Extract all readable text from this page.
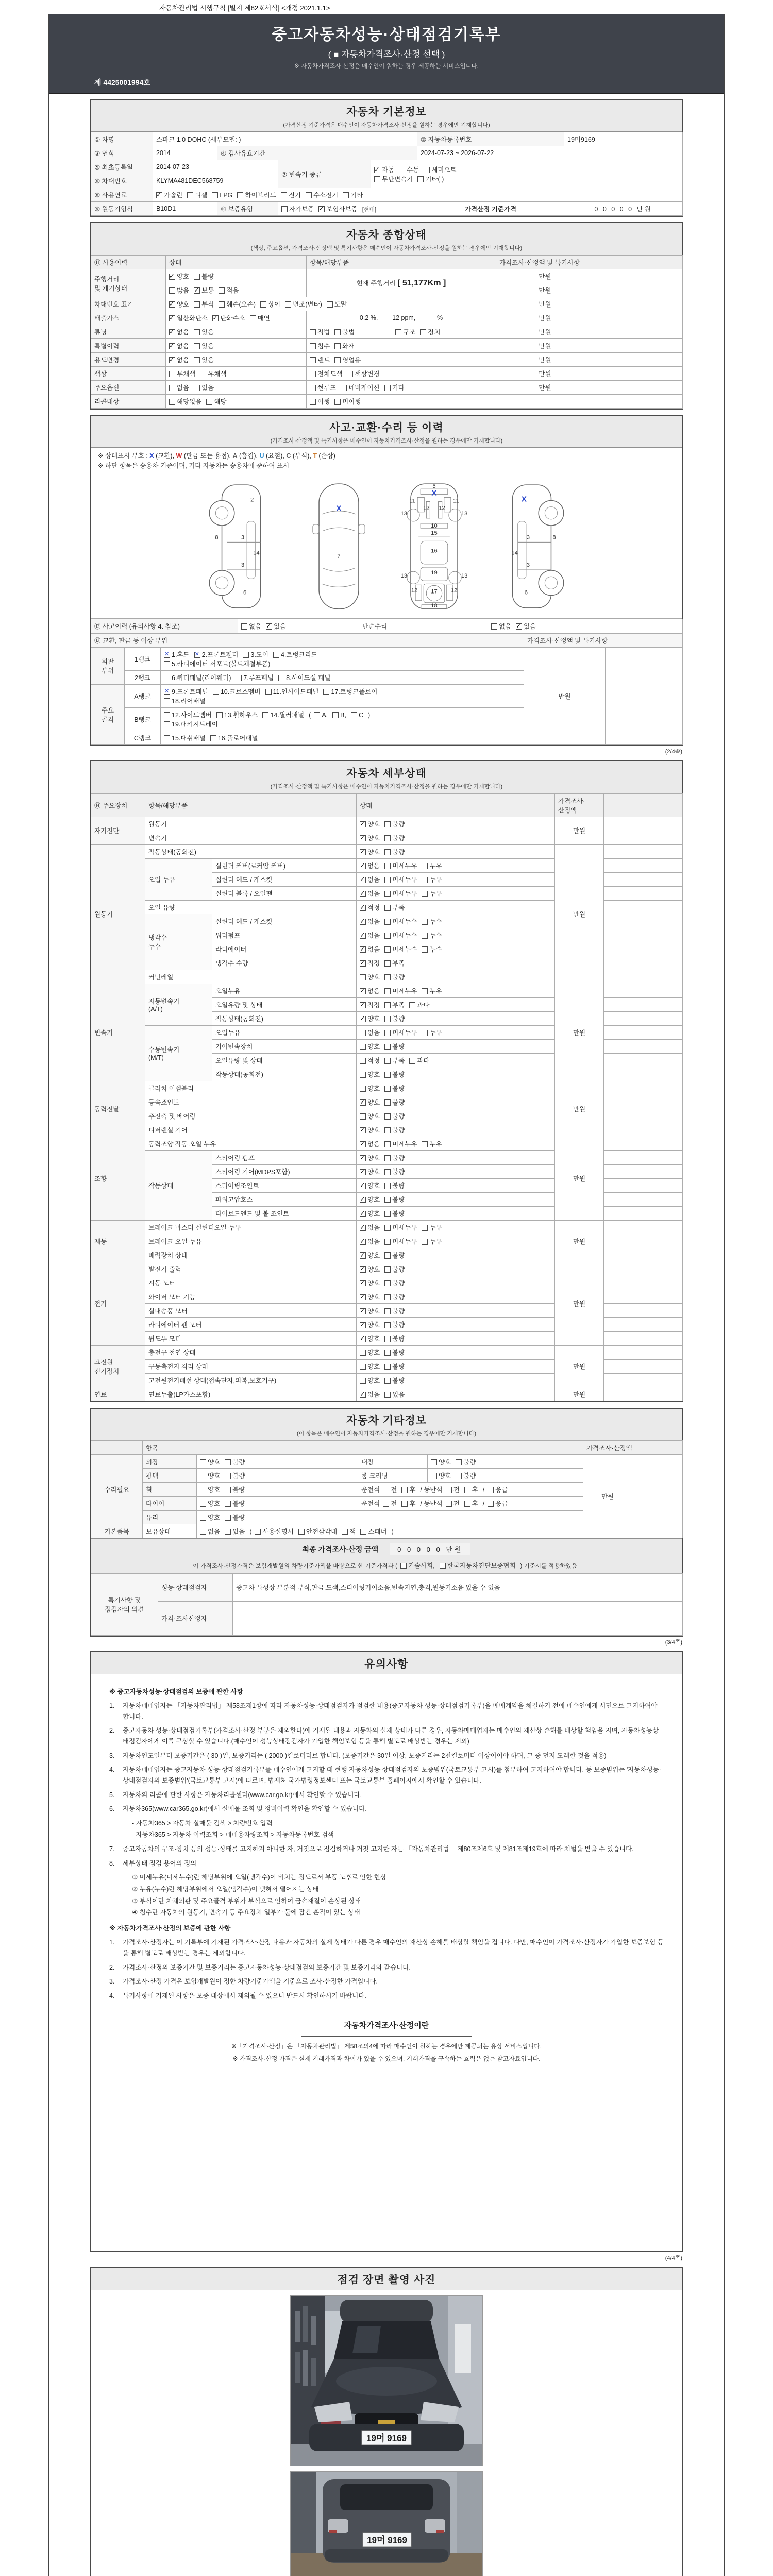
자동차관리법 시행규칙 [별지 제82호서식] <개정 2021.1.1>
중고자동차성능·상태점검기록부
( ■ 자동차가격조사·산정 선택 )
※ 자동차가격조사·산정은 매수인이 원하는 경우 제공하는 서비스입니다.
제 4425001994호
자동차 기본정보
(가격산정 기준가격은 매수인이 자동차가격조사·산정을 원하는 경우에만 기재합니다)
① 차명	스파크 1.0 DOHC (세부모델: )				② 자동차등록번호	19머9169
③ 연식	2014	④ 검사유효기간			2024-07-23 ~ 2026-07-22	
⑤ 최초등록일	2014-07-23		⑦ 변속기 종류	✓자동 수동 세미오토
무단변속기 기타( )
⑥ 차대번호	KLYMA481DEC568759					
⑧ 사용연료	✓가솔린 디젤 LPG 하이브리드 전기 수소전기 기타
⑨ 원동기형식	B10D1	⑩ 보증유형	자가보증 ✓ 보험사보증 [현대]		가격산정 기준가격	0 0 0 0 0 만원
자동차 종합상태
(색상, 주요옵션, 가격조사·산정액 및 특기사항은 매수인이 자동차가격조사·산정을 원하는 경우에만 기재합니다)
⑪ 사용이력	상태	항목/해당부품	가격조사·산정액 및 특기사항	
주행거리
및 계기상태	✓양호 불량	현재 주행거리 [ 51,177Km ]	만원	
	많음 ✓ 보통 적음		만원	
차대번호 표기	✓양호 부식 훼손(오손) 상이 변조(변타) 도말		만원	
배출가스	✓일산화탄소 ✓ 탄화수소 매연	0.2 %,        12 ppm,            %	만원	
튜닝	✓없음 있음	적법 불법 구조 장치	만원	
특별이력	✓없음 있음	침수 화재	만원	
용도변경	✓없음 있음	렌트 영업용	만원	
색상	무채색 유채색	전체도색 색상변경	만원	
주요옵션	없음 있음	썬루프 네비게이션 기타	만원	
리콜대상	해당없음 해당	이행 미이행		
사고·교환·수리 등 이력
(가격조사·산정액 및 특기사항은 매수인이 자동차가격조사·산정을 원하는 경우에만 기재합니다)
※ 상태표시 부호 : X (교환), W (판금 또는 용접), A (흠집), U (요철), C (부식), T (손상)
※ 하단 항목은 승용차 기준이며, 기타 자동차는 승용차에 준하여 표시
2
8	3
14
3
6
7
X
5
11	11
13	13
12 12
10
15
16
19
13	13
12 17 12
18
X
3	8
14
3
6
X
⑫ 사고이력 (유의사항 4. 참조)	없음 ✓ 있음	단순수리	없음 ✓ 있음
⑬ 교환, 판금 등 이상 부위			가격조사·산정액 및 특기사항	
외판
부위	1랭크	✕1.후드 ✕ 2.프론트휀더 3.도어 4.트렁크리드
5.라디에이터 서포트(볼트체결부품)	만원	
	2랭크	6.쿼터패널(리어휀더) 7.루프패널 8.사이드실 패널		
주요
골격	A랭크	✕9.프론트패널 10.크로스멤버 11.인사이드패널 17.트렁크플로어
18.리어패널
	B랭크	12.사이드멤버 13.휠하우스 14.필러패널 ( A, B, C )
19.패키지트레이		
	C랭크	15.대쉬패널 16.플로어패널		
(2/4쪽)
자동차 세부상태
(가격조사·산정액 및 특기사항은 매수인이 자동차가격조사·산정을 원하는 경우에만 기재합니다)
⑭ 주요장치	항목/해당부품		상태	가격조사·산정액	
자기진단	원동기	✓양호 불량	만원	
	변속기	✓양호 불량	
원동기	작동상태(공회전)	✓양호 불량	만원	
	오일 누유	실린더 커버(로커암 커버)	✓없음 미세누유 누유	
		실린더 헤드 / 개스킷	✓없음 미세누유 누유	
		실린더 블록 / 오일팬	✓없음 미세누유 누유	
	오일 유량	✓적정 부족	
	냉각수
누수	실린더 헤드 / 개스킷	✓없음 미세누수 누수	
		워터펌프	✓없음 미세누수 누수	
		라디에이터	✓없음 미세누수 누수	
		냉각수 수량	✓적정 부족	
	커먼레일		양호 불량		
변속기	자동변속기
(A/T)	오일누유	✓없음 미세누유 누유	만원	
		오일유량 및 상태	✓적정 부족 과다	
		작동상태(공회전)	✓양호 불량	
	수동변속기
(M/T)	오일누유	없음 미세누유 누유		
		기어변속장치	양호 불량		
		오일유량 및 상태	적정 부족 과다		
		작동상태(공회전)	양호 불량		
동력전달	클러치 어셈블리		양호 불량	만원	
	등속죠인트	✓양호 불량	
	추진축 및 베어링		양호 불량		
	디퍼렌셜 기어	✓양호 불량	
조향	동력조향 작동 오일 누유	✓없음 미세누유 누유	만원	
	작동상태	스티어링 펌프	✓양호 불량	
		스티어링 기어(MDPS포함)	✓양호 불량	
		스티어링조인트	✓양호 불량	
		파워고압호스	✓양호 불량	
		타이로드엔드 및 볼 조인트	✓양호 불량	
제동	브레이크 마스터 실린더오일 누유	✓없음 미세누유 누유	만원	
	브레이크 오일 누유	✓없음 미세누유 누유	
	배력장치 상태	✓양호 불량	
전기	발전기 출력	✓양호 불량	만원	
	시동 모터	✓양호 불량	
	와이퍼 모터 기능	✓양호 불량	
	실내송풍 모터	✓양호 불량	
	라디에이터 팬 모터	✓양호 불량	
	윈도우 모터	✓양호 불량	
고전원
전기장치	충전구 절연 상태		양호 불량	만원	
	구동축전지 격리 상태		양호 불량		
	고전원전기배선 상태(접속단자,피복,보호기구)		양호 불량		
연료	연료누출(LP가스포함)	✓없음 있음	만원	
자동차 기타정보
(이 항목은 매수인이 자동차가격조사·산정을 원하는 경우에만 기재합니다)
	항목				가격조사·산정액	
수리필요	외장	양호 불량	내장	양호 불량	만원	
	광택	양호 불량	룸 크리닝	양호 불량		
	휠	양호 불량	운전석 전 후 / 동반석 전 후 / 응급			
	타이어	양호 불량	운전석 전 후 / 동반석 전 후 / 응급			
	유리	양호 불량				
기본품목	보유상태	없음 있음 ( 사용설명서 안전삼각대 잭 스패너 )				
최종 가격조사·산정 금액	0 0 0 0 0 만원
이 가격조사·산정가격은 보험개발원의 차량기준가액을 바탕으로 한 기준가격과 ( 기술사회, 한국자동차진단보증협회 ) 기준서를 적용하였음
특기사항 및
점검자의 의견	성능·상태점검자	중고차 특성상 부분적 부식,판금,도색,스티어링기어소음,변속지연,충격,원동기소음 있을 수 있음
	가격·조사산정자	
(3/4쪽)
유의사항
※ 중고자동차성능·상태점검의 보증에 관한 사항
1.	자동차매매업자는 「자동차관리법」 제58조제1항에 따라 자동차성능·상태점검자가 점검한 내용(중고자동차 성능·상태점검기록부)을 매매계약을 체결하기 전에 매수인에게 서면으로 고지하여야 합니다.
2.	중고자동차 성능·상태점검기록부(가격조사·산정 부분은 제외한다)에 기재된 내용과 자동차의 실제 상태가 다른 경우, 자동차매매업자는 매수인의 재산상 손해를 배상할 책임을 지며, 자동차성능상태점검자에게 이를 구상할 수 있습니다.(매수인이 성능상태점검자가 가입한 책임보험 등을 통해 별도로 배상받는 경우는 제외)
3.	자동차인도일부터 보증기간은 ( 30 )일, 보증거리는 ( 2000 )킬로미터로 합니다. (보증기간은 30일 이상, 보증거리는 2천킬로미터 이상이어야 하며, 그 중 먼저 도래한 것을 적용)
4.	자동차매매업자는 중고자동차 성능·상태점검기록부를 매수인에게 고지할 때 현행 자동차성능·상태점검자의 보증범위(국토교통부 고시)를 첨부하여 고지하여야 합니다. 동 보증범위는 '자동차성능·상태점검자의 보증범위'(국토교통부 고시)에 따르며, 법제처 국가법령정보센터 또는 국토교통부 홈페이지에서 확인할 수 있습니다.
5.	자동차의 리콜에 관한 사항은 자동차리콜센터(www.car.go.kr)에서 확인할 수 있습니다.
6.	자동차365(www.car365.go.kr)에서 실매물 조회 및 정비이력 확인을 확인할 수 있습니다.
- 자동차365 > 자동차 실매물 검색 > 차량번호 입력
- 자동차365 > 자동차 이력조회 > 매매용차량조회 > 자동차등록번호 검색
7.	중고자동차의 구조·장치 등의 성능·상태를 고지하지 아니한 자, 거짓으로 점검하거나 거짓 고지한 자는 「자동차관리법」 제80조제6호 및 제81조제19호에 따라 처벌을 받을 수 있습니다.
8.	세부상태 점검 용어의 정의
① 미세누유(미세누수)란 해당부위에 오일(냉각수)이 비치는 정도로서 부품 노후로 인한 현상
② 누유(누수)란 해당부위에서 오일(냉각수)이 맺혀서 떨어지는 상태
③ 부식이란 차체외판 및 주요골격 부위가 부식으로 인하여 금속재질이 손상된 상태
④ 침수란 자동차의 원동기, 변속기 등 주요장치 일부가 물에 잠긴 흔적이 있는 상태
※ 자동차가격조사·산정의 보증에 관한 사항
1.	가격조사·산정자는 이 기록부에 기재된 가격조사·산정 내용과 자동차의 실제 상태가 다른 경우 매수인의 재산상 손해를 배상할 책임을 집니다. 다만, 매수인이 가격조사·산정자가 가입한 보증보험 등을 통해 별도로 배상받는 경우는 제외합니다.
2.	가격조사·산정의 보증기간 및 보증거리는 중고자동차성능·상태점검의 보증기간 및 보증거리와 같습니다.
3.	가격조사·산정 가격은 보험개발원이 정한 차량기준가액을 기준으로 조사·산정한 가격입니다.
4.	특기사항에 기재된 사항은 보증 대상에서 제외될 수 있으니 반드시 확인하시기 바랍니다.
자동차가격조사·산정이란
※「가격조사·산정」은 「자동차관리법」 제58조의4에 따라 매수인이 원하는 경우에만 제공되는 유상 서비스입니다.
※ 가격조사·산정 가격은 실제 거래가격과 차이가 있을 수 있으며, 거래가격을 구속하는 효력은 없는 참고자료입니다.
(4/4쪽)
점검 장면 촬영 사진
19머 9169
19머 9169
